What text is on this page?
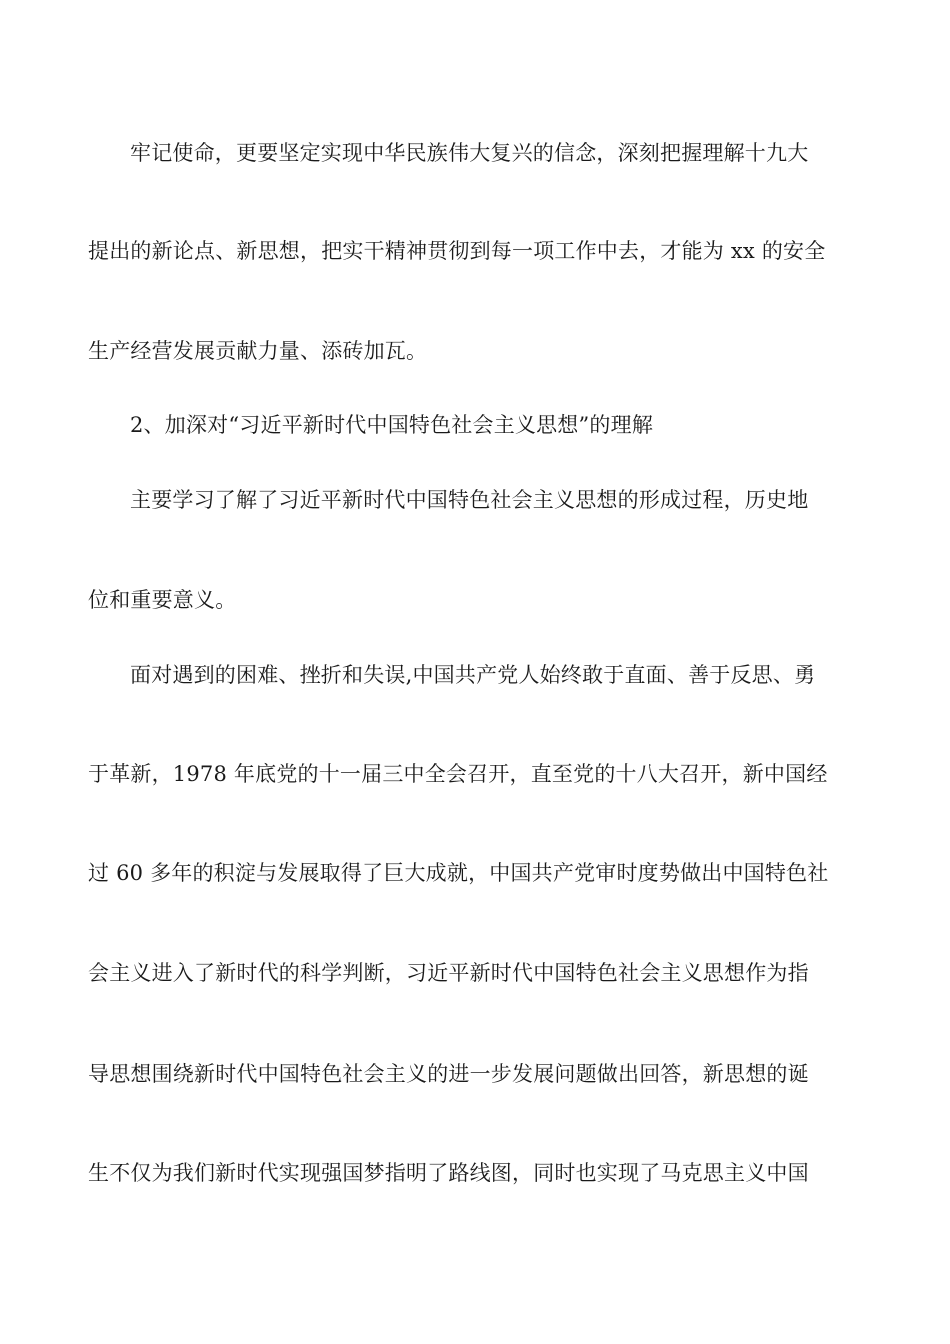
牢记使命，更要坚定实现中华民族伟大复兴的信念，深刻把握理解十九大
提出的新论点、新思想，把实干精神贯彻到每一项工作中去，才能为 xx 的安全
生产经营发展贡献力量、添砖加瓦。
2、加深对“习近平新时代中国特色社会主义思想”的理解
主要学习了解了习近平新时代中国特色社会主义思想的形成过程，历史地
位和重要意义。
面对遇到的困难、挫折和失误,中国共产党人始终敢于直面、善于反思、勇
于革新，1978 年底党的十一届三中全会召开，直至党的十八大召开，新中国经
过 60 多年的积淀与发展取得了巨大成就，中国共产党审时度势做出中国特色社
会主义进入了新时代的科学判断，习近平新时代中国特色社会主义思想作为指
导思想围绕新时代中国特色社会主义的进一步发展问题做出回答，新思想的诞
生不仅为我们新时代实现强国梦指明了路线图，同时也实现了马克思主义中国
